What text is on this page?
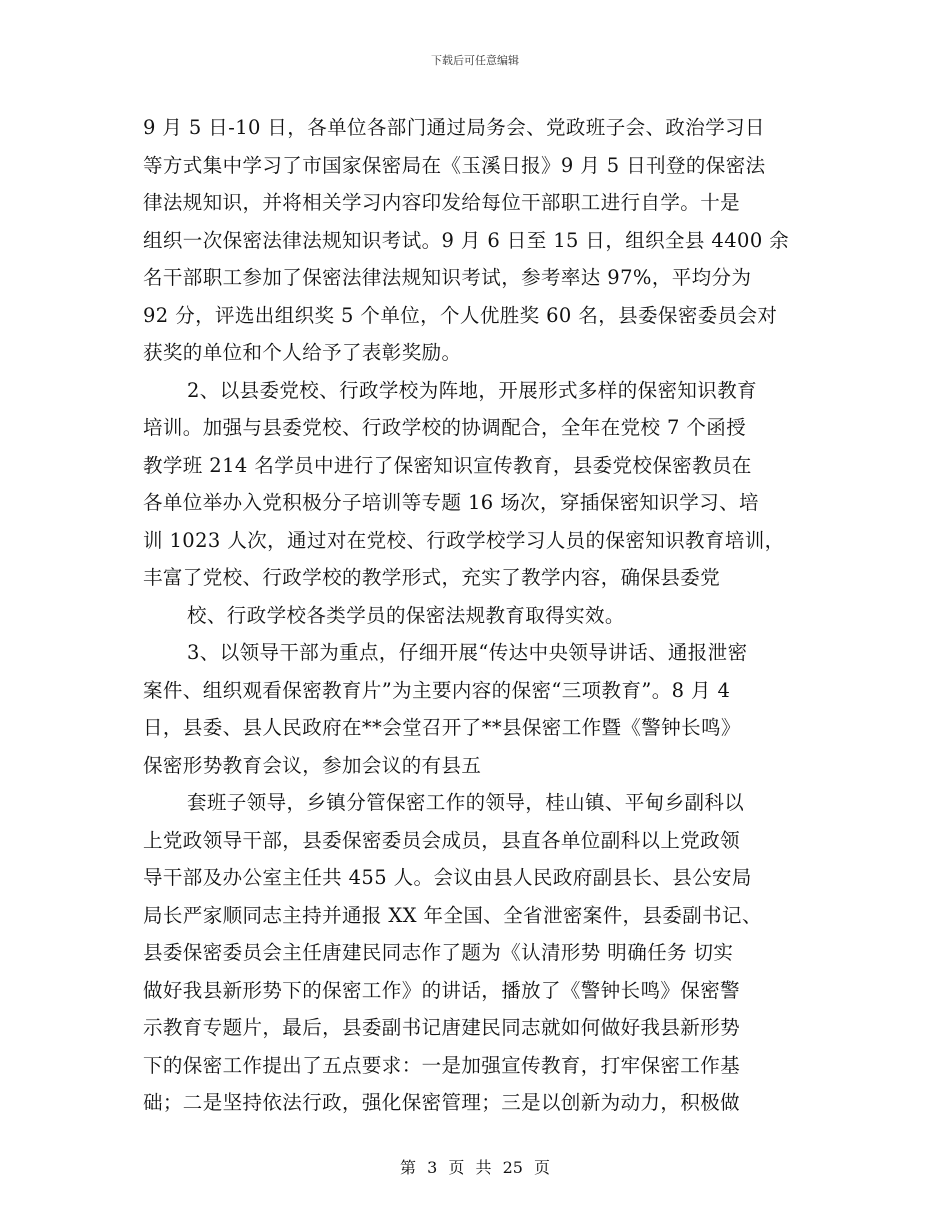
下载后可任意编辑
9 月 5 日-10 日，各单位各部门通过局务会、党政班子会、政治学习日
等方式集中学习了市国家保密局在《玉溪日报》9 月 5 日刊登的保密法
律法规知识，并将相关学习内容印发给每位干部职工进行自学。十是
组织一次保密法律法规知识考试。9 月 6 日至 15 日，组织全县 4400 余
名干部职工参加了保密法律法规知识考试，参考率达 97%，平均分为
92 分，评选出组织奖 5 个单位，个人优胜奖 60 名，县委保密委员会对
获奖的单位和个人给予了表彰奖励。
2、以县委党校、行政学校为阵地，开展形式多样的保密知识教育
培训。加强与县委党校、行政学校的协调配合，全年在党校 7 个函授
教学班 214 名学员中进行了保密知识宣传教育，县委党校保密教员在
各单位举办入党积极分子培训等专题 16 场次，穿插保密知识学习、培
训 1023 人次，通过对在党校、行政学校学习人员的保密知识教育培训，
丰富了党校、行政学校的教学形式，充实了教学内容，确保县委党
校、行政学校各类学员的保密法规教育取得实效。
3、以领导干部为重点，仔细开展“传达中央领导讲话、通报泄密
案件、组织观看保密教育片”为主要内容的保密“三项教育”。8 月 4
日，县委、县人民政府在**会堂召开了**县保密工作暨《警钟长鸣》
保密形势教育会议，参加会议的有县五
套班子领导，乡镇分管保密工作的领导，桂山镇、平甸乡副科以
上党政领导干部，县委保密委员会成员，县直各单位副科以上党政领
导干部及办公室主任共 455 人。会议由县人民政府副县长、县公安局
局长严家顺同志主持并通报 XX 年全国、全省泄密案件，县委副书记、
县委保密委员会主任唐建民同志作了题为《认清形势 明确任务 切实
做好我县新形势下的保密工作》的讲话，播放了《警钟长鸣》保密警
示教育专题片，最后，县委副书记唐建民同志就如何做好我县新形势
下的保密工作提出了五点要求：一是加强宣传教育，打牢保密工作基
础；二是坚持依法行政，强化保密管理；三是以创新为动力，积极做
第 3 页 共 25 页
